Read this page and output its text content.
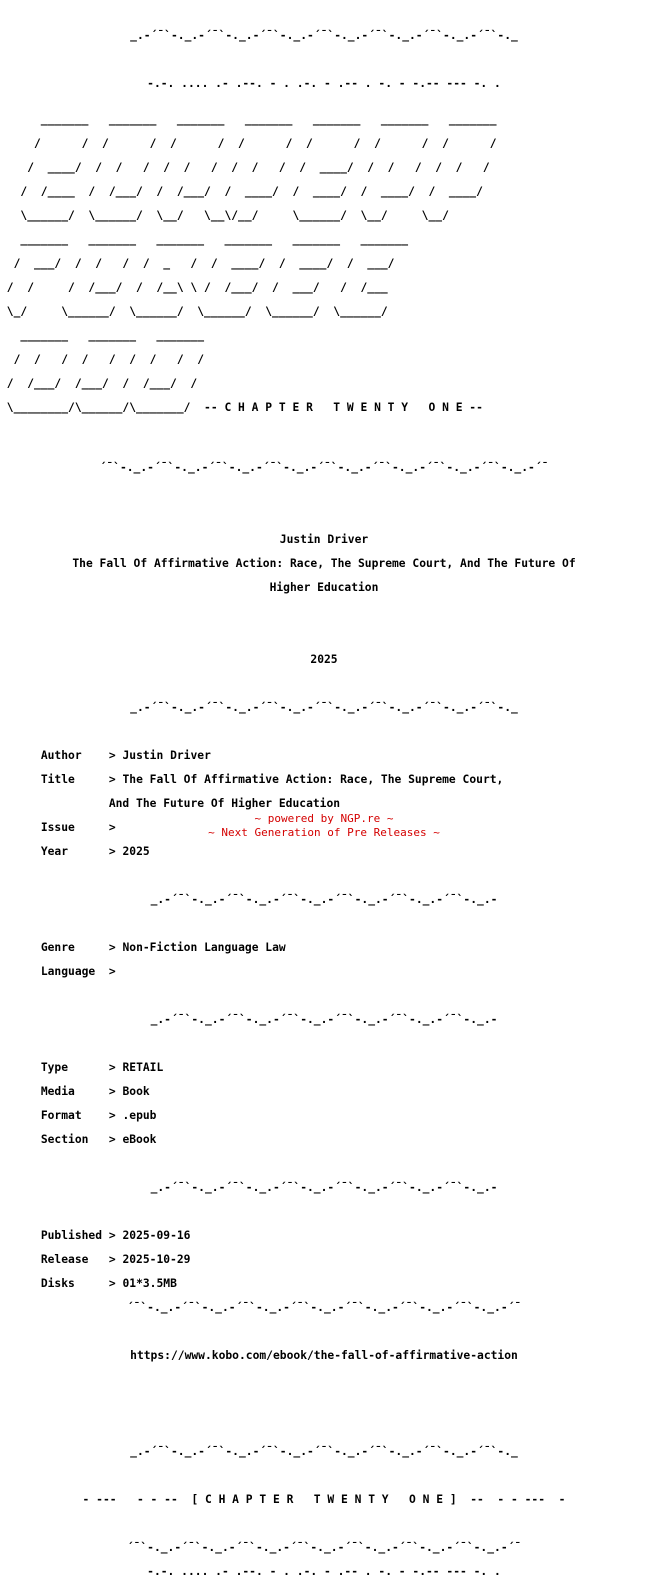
_.-´¯`-._.-´¯`-._.-´¯`-._.-´¯`-._.-´¯`-._.-´¯`-._.-´¯`-._

-.-. .... .- .--. - . .-. - .-- . -. - -.-- --- -. .

_______   _______   _______   _______   _______   _______   _______

/      /  /      /  /      /  /      /  /      /  /      /  /      /

/  ____/  /  /   /  /  /   /  /  /   /  /  ____/  /  /   /  /  /   /

/  /____  /  /___/  /  /___/  /  ____/  /  ____/  /  ____/  /  ____/

\______/  \______/  \__/   \__\/__/     \______/  \__/     \__/

_______   _______   _______   _______   _______   _______

/  ___/  /  /   /  /  _   /  /  ____/  /  ____/  /  ___/

/  /     /  /___/  /  /__\ \ /  /___/  /  ___/   /  /___

\_/     \______/  \______/  \______/  \______/  \______/

_______   _______   _______

/  /   /  /   /  /  /   /  /

/  /___/  /___/  /  /___/  /

\________/\______/\_______/  -- C H A P T E R   T W E N T Y   O N E --

´¯`-._.-´¯`-._.-´¯`-._.-´¯`-._.-´¯`-._.-´¯`-._.-´¯`-._.-´¯`-._.-´¯

Justin Driver

The Fall Of Affirmative Action: Race, The Supreme Court, And The Future Of

Higher Education

2025

_.-´¯`-._.-´¯`-._.-´¯`-._.-´¯`-._.-´¯`-._.-´¯`-._.-´¯`-._

Author > Justin Driver

Title	> The Fall Of Affirmative Action: Race, The Supreme Court,

And The Future Of Higher Education

Issue	>

Year	> 2025

_.-´¯`-._.-´¯`-._.-´¯`-._.-´¯`-._.-´¯`-._.-´¯`-._.-

Genre	> Non-Fiction Language Law

Language >

_.-´¯`-._.-´¯`-._.-´¯`-._.-´¯`-._.-´¯`-._.-´¯`-._.-

Type	> RETAIL

Media	> Book

Format > .epub

Section > eBook

_.-´¯`-._.-´¯`-._.-´¯`-._.-´¯`-._.-´¯`-._.-´¯`-._.-

Published > 2025-09-16

Release > 2025-10-29

Disks	> 01*3.5MB

´¯`-._.-´¯`-._.-´¯`-._.-´¯`-._.-´¯`-._.-´¯`-._.-´¯`-._.-´¯

https://www.kobo.com/ebook/the-fall-of-affirmative-action

_.-´¯`-._.-´¯`-._.-´¯`-._.-´¯`-._.-´¯`-._.-´¯`-._.-´¯`-._

- ---   - - --  [ C H A P T E R   T W E N T Y   O N E ]  --  - - ---  -

´¯`-._.-´¯`-._.-´¯`-._.-´¯`-._.-´¯`-._.-´¯`-._.-´¯`-._.-´¯

-.-. .... .- .--. - . .-. - .-- . -. - -.-- --- -. .

~ powered by NGP.re ~
~ Next Generation of Pre Releases ~
